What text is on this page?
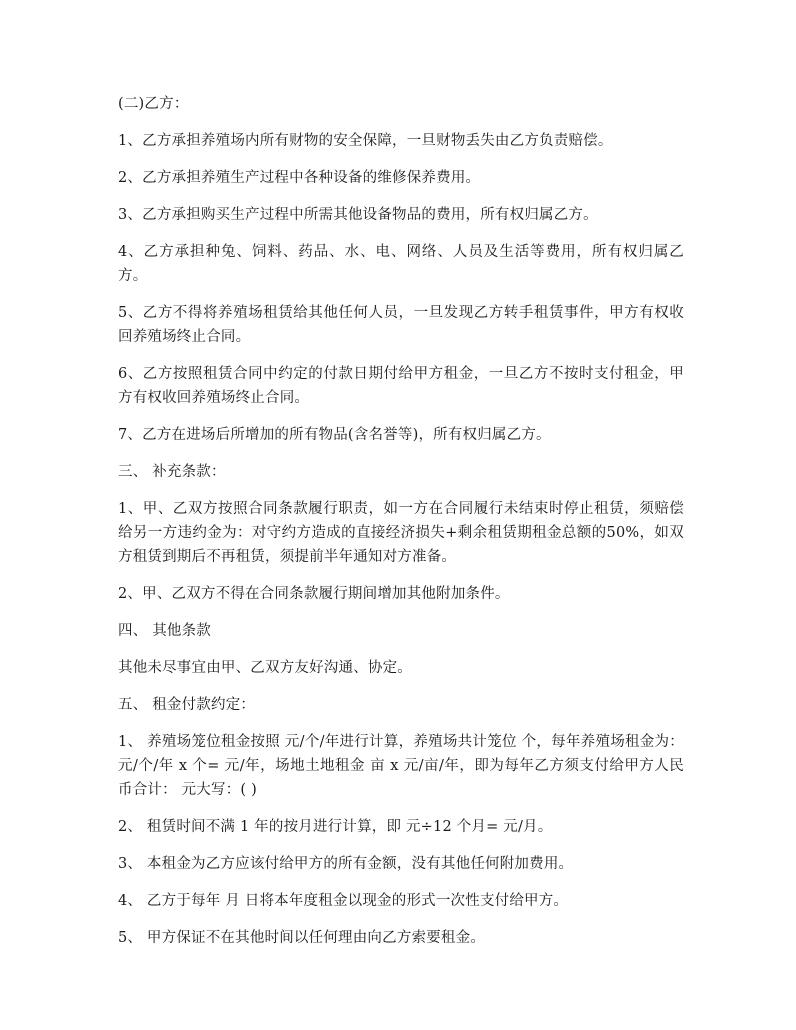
(二)乙方：

1、乙方承担养殖场内所有财物的安全保障，一旦财物丢失由乙方负责赔偿。

2、乙方承担养殖生产过程中各种设备的维修保养费用。

3、乙方承担购买生产过程中所需其他设备物品的费用，所有权归属乙方。

4、乙方承担种兔、饲料、药品、水、电、网络、人员及生活等费用，所有权归属乙方。

5、乙方不得将养殖场租赁给其他任何人员，一旦发现乙方转手租赁事件，甲方有权收回养殖场终止合同。

6、乙方按照租赁合同中约定的付款日期付给甲方租金，一旦乙方不按时支付租金，甲方有权收回养殖场终止合同。

7、乙方在进场后所增加的所有物品(含名誉等)，所有权归属乙方。

三、 补充条款：

1、甲、乙双方按照合同条款履行职责，如一方在合同履行未结束时停止租赁，须赔偿给另一方违约金为：对守约方造成的直接经济损失+剩余租赁期租金总额的50%，如双方租赁到期后不再租赁，须提前半年通知对方准备。

2、甲、乙双方不得在合同条款履行期间增加其他附加条件。

四、 其他条款

其他未尽事宜由甲、乙双方友好沟通、协定。

五、 租金付款约定：

1、 养殖场笼位租金按照 元/个/年进行计算，养殖场共计笼位 个，每年养殖场租金为： 元/个/年 x 个= 元/年，场地土地租金 亩 x 元/亩/年，即为每年乙方须支付给甲方人民币合计： 元大写：( )

2、 租赁时间不满 1 年的按月进行计算，即 元÷12 个月= 元/月。

3、 本租金为乙方应该付给甲方的所有金额，没有其他任何附加费用。

4、 乙方于每年 月 日将本年度租金以现金的形式一次性支付给甲方。

5、 甲方保证不在其他时间以任何理由向乙方索要租金。
